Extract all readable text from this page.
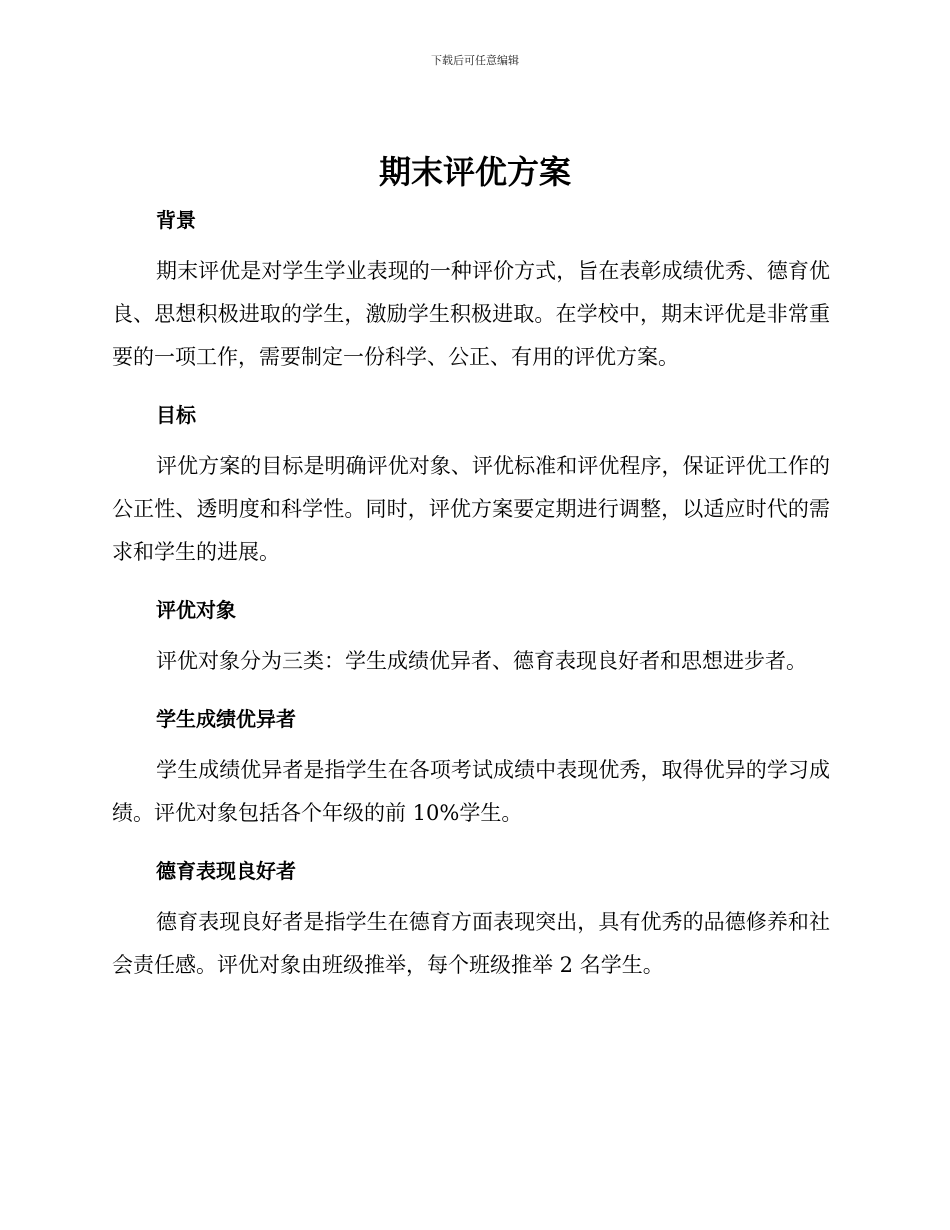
下载后可任意编辑
期末评优方案
背景

期末评优是对学生学业表现的一种评价方式，旨在表彰成绩优秀、德育优良、思想积极进取的学生，激励学生积极进取。在学校中，期末评优是非常重要的一项工作，需要制定一份科学、公正、有用的评优方案。

目标

评优方案的目标是明确评优对象、评优标准和评优程序，保证评优工作的公正性、透明度和科学性。同时，评优方案要定期进行调整，以适应时代的需求和学生的进展。

评优对象

评优对象分为三类：学生成绩优异者、德育表现良好者和思想进步者。

学生成绩优异者

学生成绩优异者是指学生在各项考试成绩中表现优秀，取得优异的学习成绩。评优对象包括各个年级的前 10%学生。

德育表现良好者

德育表现良好者是指学生在德育方面表现突出，具有优秀的品德修养和社会责任感。评优对象由班级推举，每个班级推举 2 名学生。
